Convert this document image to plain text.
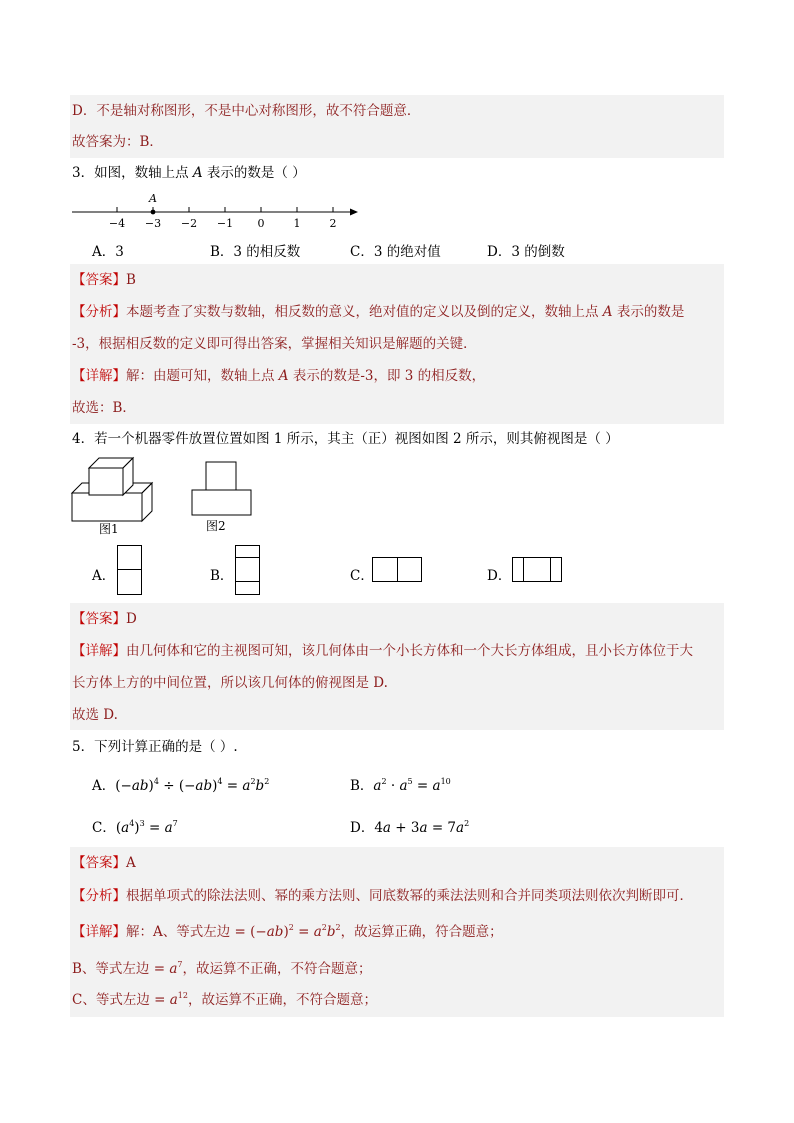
D．不是轴对称图形，不是中心对称图形，故不符合题意．
故答案为：B．
3．如图，数轴上点 A 表示的数是（ ）
−4 −3 −2 −1 0	1	2
A
A．3	B．3 的相反数	C．3 的绝对值	D．3 的倒数
【答案】B
【分析】本题考查了实数与数轴，相反数的意义，绝对值的定义以及倒的定义，数轴上点 A 表示的数是
-3，根据相反数的定义即可得出答案，掌握相关知识是解题的关键．
【详解】解：由题可知，数轴上点 A 表示的数是-3，即 3 的相反数，
故选：B．
4．若一个机器零件放置位置如图 1 所示，其主（正）视图如图 2 所示，则其俯视图是（ ）
图1	图2
A．	B．	C．	D．
【答案】D
【详解】由几何体和它的主视图可知，该几何体由一个小长方体和一个大长方体组成，且小长方体位于大
长方体上方的中间位置，所以该几何体的俯视图是 D.
故选 D.
5．下列计算正确的是（ ）.
A．$(-ab)^4 \div (-ab)^4 = a^2b^2$	B．$a^2 \cdot a^5 = a^{10}$
C．$(a^4)^3 = a^7$	D．$4a + 3a = 7a^2$
【答案】A
【分析】根据单项式的除法法则、幂的乘方法则、同底数幂的乘法法则和合并同类项法则依次判断即可．
【详解】解：A、等式左边 = $(-ab)^2 = a^2b^2$，故运算正确，符合题意；
B、等式左边 = $a^7$，故运算不正确，不符合题意；
C、等式左边 = $a^{12}$，故运算不正确，不符合题意；
